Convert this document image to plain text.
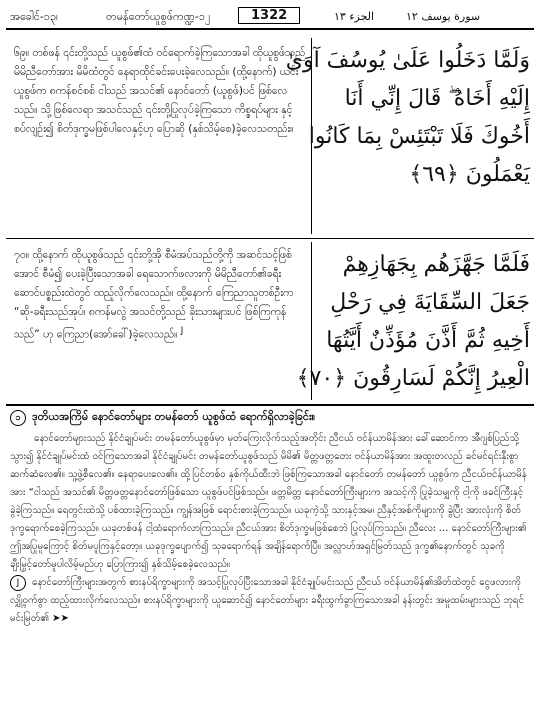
အခေါင်-၁၃၊	တမန်တော်ယူစွဖ်ကဏ္ဍ-၁၂	1322	الجزء ١٣	سورة يوسف ١٢

၆၉။ တစ်ဖန် ၎င်းတို့သည် ယူစွဖ်၏ထံ ဝင်ရောက်ခဲ့ကြသောအခါ ထိုယူစွဖ်သည် မိမိညီတော်အား မိမိထံတွင် နေရာထိုင်ခင်းပေးခဲ့လေသည်။ (ထို့နောက်) ယင်းယူစွဖ်က ၈ကန်စင်စစ် ငါသည် အသင်၏ နောင်တော် (ယူစွဖ်)ပင် ဖြစ်လေသည်။ သို့ဖြစ်လေရာ အသင်သည် ၎င်းတို့ပြုလုပ်ခဲ့ကြသော ကိစ္စရပ်များ နှင့်စပ်လျဉ်း၍ စိတ်ဒုက္ခမဖြစ်ပါလေနှင့်ဟု ပြောဆို (နှစ်သိမ့်စေ)ခဲ့လေသတည်း။

وَلَمَّا دَخَلُوا عَلَىٰ يُوسُفَ آوَىٰ
إِلَيْهِ أَخَاهُ ۖ قَالَ إِنِّي أَنَا
أَخُوكَ فَلَا تَبْتَئِسْ بِمَا كَانُوا
يَعْمَلُونَ ﴿٦٩﴾

၇၀။ ထို့နောက် ထိုယူစွဖ်သည် ၎င်းတို့အို စီမံအပ်သည်တို့ကို အဆင်သင့်ဖြစ်အောင် စီမံ၍ ပေးခဲ့ပြီးသောအခါ ရေသောက်ဖလားကို မိမိညီတော်၏ခရီးဆောင်ပစ္စည်းထဲတွင် ထည့်လိုက်လေသည်။ ထို့နောက် ကြေညာသူတစ်ဦးက “ဆို-ခရီးသည်အုပ်၊ ၈ကန်မလွဲ အသင်တို့သည် ခိုးသားများပင် ဖြစ်ကြကုန်သည်” ဟု ကြေညာ(အော်ခေါ်)ခဲ့လေသည်။ $^J$

فَلَمَّا جَهَّزَهُم بِجَهَازِهِمْ
جَعَلَ السِّقَايَةَ فِي رَحْلِ
أَخِيهِ ثُمَّ أَذَّنَ مُؤَذِّنٌ أَيَّتُهَا
الْعِيرُ إِنَّكُمْ لَسَارِقُونَ ﴿٧٠﴾
၁ ဒုတိယအကြိမ် နောင်တော်များ တမန်တော် ယူစွဖ်ထံ ရောက်ရှိလာခဲ့ခြင်း။

နောင်တော်များသည် နိုင်ငံချုပ်မင်း တမန်တော်ယူစွဖ်မှာ မှတ်ကြေးလိုက်သည့်အတိုင်း ညီငယ် ဗင်န်ယာမိန်အား ခေါ်ဆောင်ကာ အီဂျစ်ပြည်သို့ သွား၍ နိုင်ငံချုပ်မင်းထံ ဝင်ကြသောအခါ နိုင်ငံချုပ်မင်း တမန်တော်ယူစွဖ်သည် မိမိ၏ မိတ္တဖတ္တတေး ဗင်န်ယာမိန်အား အထူးတလည် ခင်မင်ရင်းနှီးစွာ ဆက်ဆံလေ၏။ သူ့ဖွဲ့စီလေ၏။ နေရာပေးလေ၏။ ထို့ပြင်တစ်ဝ နှစ်ကိုယ်ထီးဘဲ ဖြစ်ကြသောအခါ နောင်တော် တမန်တော် ယူစွဖ်က ညီငယ်ဗင်န်ယာမိန်အား “ငါသည် အသင်၏ မိတ္တဖတ္တနောင်တော်ဖြစ်သော ယူစွဖ်ပင်ဖြစ်သည်။ ဖတ္တမိတ္တ နောင်တော်ကြီးများက အသင့်ကို ပြုခဲ့သမျှကို ငါ့ကို ဖခင်ကြီးနှင့် ခွဲခဲ့ကြသည်။ ရေတွင်းထဲသို့ ပစ်ထားခဲ့ကြသည်။ ကျွန်အဖြစ် ရောင်းစားခဲ့ကြသည်။ ယခုကဲ့သို့ သားနှင့်အမ၊ ညီနှင့်အစ်ကိုများကို ခွဲပြီး အားလုံးကို စိတ်ဒုက္ခရောက်စေခဲ့ကြသည်။ ယခုတစ်ဖန် ငါ့ထံရောက်လာကြသည်။ ညီငယ်အား စိတ်ဒုက္ခမဖြစ်စေဘဲ ပြုလုပ်ကြသည်။ ညီလေး … နောင်တော်ကြီးများ၏ ဤအပြုမူကြောင့် စိတ်မပူကြနှင့်တော့။ ယခုဒုက္ခပျောက်၍ သုခရောက်ရန် အချိန်ရောက်ပြီ။ အလ္လာဟ်အရှင်မြတ်သည် ဒုက္ခ၏နောက်တွင် သုခကို ချီးမြှင့်တော်မူပါလိမ့်မည်ဟု ပြောကြား၍ နှစ်သိမ့်စေခဲ့လေသည်။

J နောင်တော်ကြီးများအတွက် စားနပ်ရိက္ခာများကို အသင့်ပြုလုပ်ပြီးသောအခါ နိုင်ငံချုပ်မင်းသည် ညီငယ် ဗင်န်ယာမိန်၏အိတ်ထဲတွင် ငွေဖလားကို လျှို့ဝှက်စွာ ထည့်ထားလိုက်လေသည်။ စားနပ်ရိက္ခာများကို ယူဆောင်၍ နောင်တော်များ ခရီးထွက်ခွာကြသောအခါ နန်းတွင်း အမှုထမ်းများသည် ဘုရင်မင်းမြတ်၏ ➤➤
